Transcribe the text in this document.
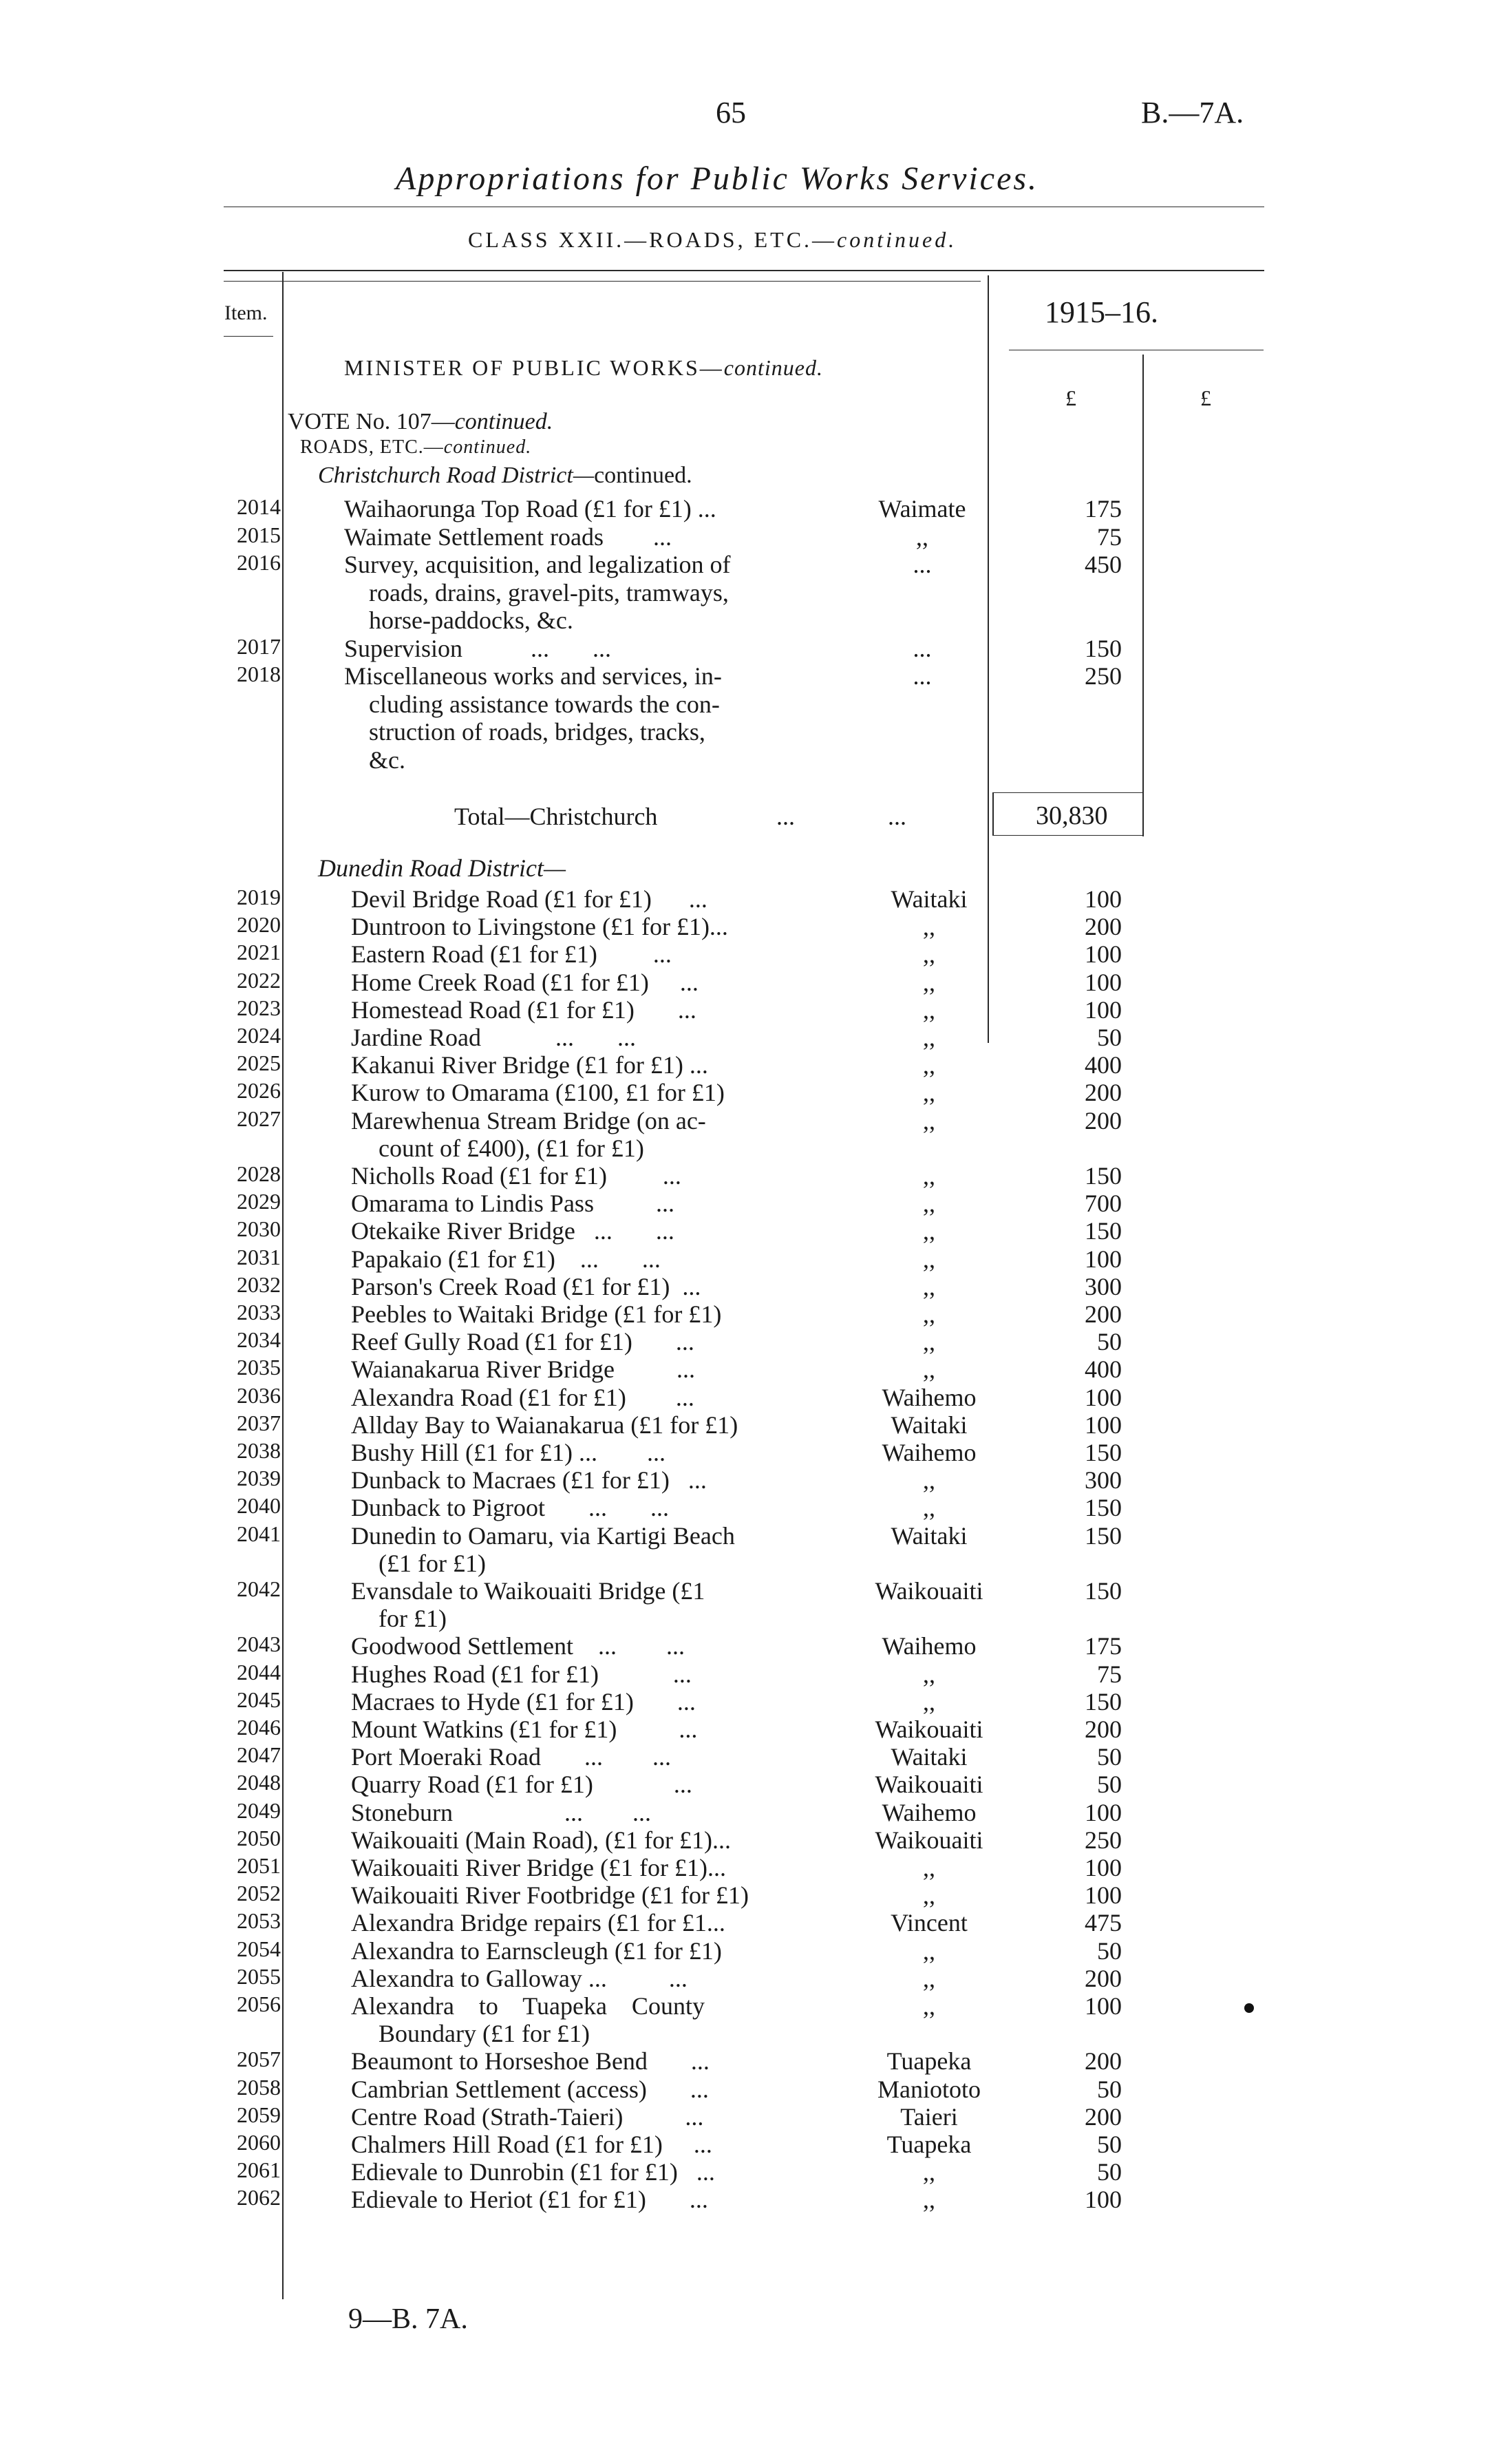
65	B.—7A.
Appropriations for Public Works Services.
CLASS XXII.—ROADS, ETC.—continued.
Item.	1915–16.
MINISTER OF PUBLIC WORKS—continued.
£	£
VOTE No. 107—continued.
ROADS, ETC.—continued.
Christchurch Road District—continued.
2014	Waihaorunga Top Road (£1 for £1) ...	Waimate	175
2015	Waimate Settlement roads        ...	,,	75
2016	Survey, acquisition, and legalization of
roads, drains, gravel-pits, tramways,
horse-paddocks, &c.
...	450
2017	Supervision           ...       ...	...	150
2018	Miscellaneous works and services, in-
cluding assistance towards the con-
struction of roads, bridges, tracks,
&c.
...	250
Total—Christchurch	...	...	30,830
Dunedin Road District—
2019	Devil Bridge Road (£1 for £1)      ...	Waitaki	100
2020	Duntroon to Livingstone (£1 for £1)...	,,	200
2021	Eastern Road (£1 for £1)         ...	,,	100
2022	Home Creek Road (£1 for £1)     ...	,,	100
2023	Homestead Road (£1 for £1)       ...	,,	100
2024	Jardine Road            ...       ...	,,	50
2025	Kakanui River Bridge (£1 for £1) ...	,,	400
2026	Kurow to Omarama (£100, £1 for £1)	,,	200
2027	Marewhenua Stream Bridge (on ac-
count of £400), (£1 for £1)
,,	200
2028	Nicholls Road (£1 for £1)         ...	,,	150
2029	Omarama to Lindis Pass          ...	,,	700
2030	Otekaike River Bridge   ...       ...	,,	150
2031	Papakaio (£1 for £1)    ...       ...	,,	100
2032	Parson's Creek Road (£1 for £1)  ...	,,	300
2033	Peebles to Waitaki Bridge (£1 for £1)	,,	200
2034	Reef Gully Road (£1 for £1)       ...	,,	50
2035	Waianakarua River Bridge          ...	,,	400
2036	Alexandra Road (£1 for £1)        ...	Waihemo	100
2037	Allday Bay to Waianakarua (£1 for £1)	Waitaki	100
2038	Bushy Hill (£1 for £1) ...        ...	Waihemo	150
2039	Dunback to Macraes (£1 for £1)   ...	,,	300
2040	Dunback to Pigroot       ...       ...	,,	150
2041	Dunedin to Oamaru, via Kartigi Beach
(£1 for £1)
Waitaki	150
2042	Evansdale to Waikouaiti Bridge (£1
for £1)
Waikouaiti	150
2043	Goodwood Settlement    ...        ...	Waihemo	175
2044	Hughes Road (£1 for £1)            ...	,,	75
2045	Macraes to Hyde (£1 for £1)       ...	,,	150
2046	Mount Watkins (£1 for £1)          ...	Waikouaiti	200
2047	Port Moeraki Road       ...        ...	Waitaki	50
2048	Quarry Road (£1 for £1)             ...	Waikouaiti	50
2049	Stoneburn                  ...        ...	Waihemo	100
2050	Waikouaiti (Main Road), (£1 for £1)...	Waikouaiti	250
2051	Waikouaiti River Bridge (£1 for £1)...	,,	100
2052	Waikouaiti River Footbridge (£1 for £1)	,,	100
2053	Alexandra Bridge repairs (£1 for £1...	Vincent	475
2054	Alexandra to Earnscleugh (£1 for £1)	,,	50
2055	Alexandra to Galloway ...          ...	,,	200
2056	Alexandra    to    Tuapeka    County
Boundary (£1 for £1)
,,	100
2057	Beaumont to Horseshoe Bend       ...	Tuapeka	200
2058	Cambrian Settlement (access)       ...	Maniototo	50
2059	Centre Road (Strath-Taieri)          ...	Taieri	200
2060	Chalmers Hill Road (£1 for £1)     ...	Tuapeka	50
2061	Edievale to Dunrobin (£1 for £1)   ...	,,	50
2062	Edievale to Heriot (£1 for £1)       ...	,,	100
9—B. 7A.
